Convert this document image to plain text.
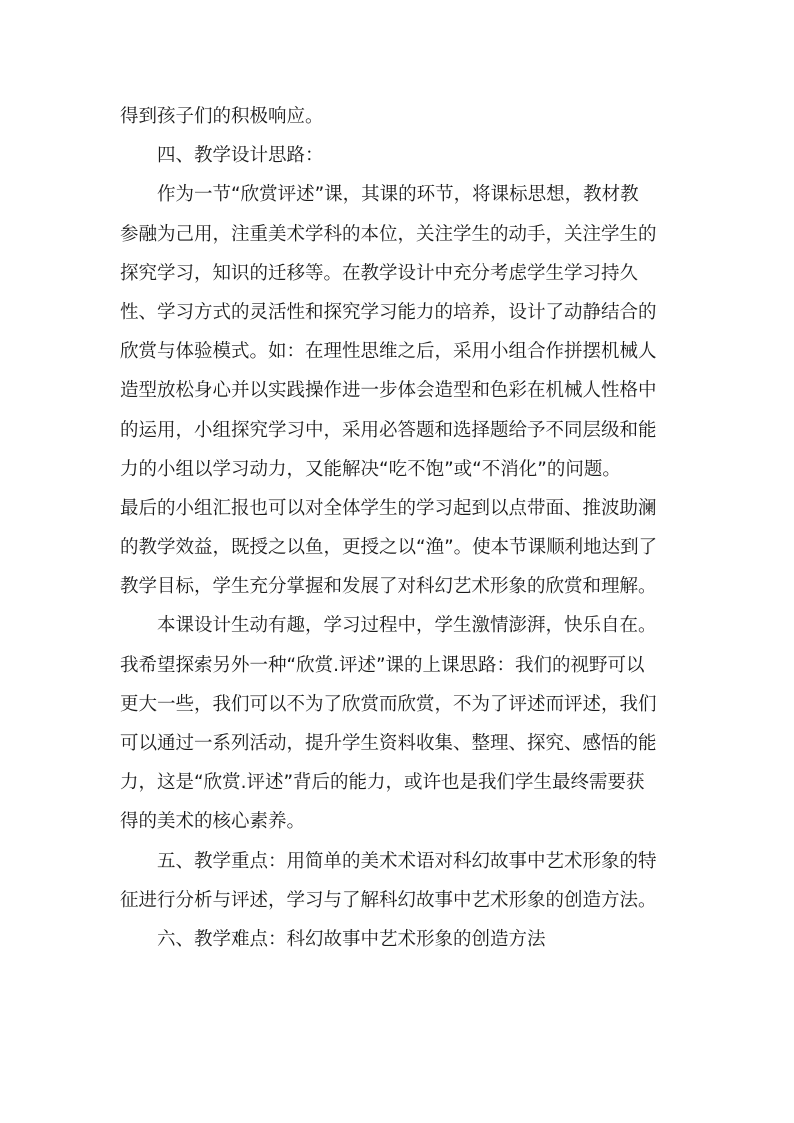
得到孩子们的积极响应。
四、教学设计思路：
作为一节“欣赏评述”课，其课的环节，将课标思想，教材教
参融为己用，注重美术学科的本位，关注学生的动手，关注学生的
探究学习，知识的迁移等。在教学设计中充分考虑学生学习持久
性、学习方式的灵活性和探究学习能力的培养，设计了动静结合的
欣赏与体验模式。如：在理性思维之后，采用小组合作拼摆机械人
造型放松身心并以实践操作进一步体会造型和色彩在机械人性格中
的运用，小组探究学习中，采用必答题和选择题给予不同层级和能
力的小组以学习动力，又能解决“吃不饱”或“不消化”的问题。
最后的小组汇报也可以对全体学生的学习起到以点带面、推波助澜
的教学效益，既授之以鱼，更授之以“渔”。使本节课顺利地达到了
教学目标，学生充分掌握和发展了对科幻艺术形象的欣赏和理解。
本课设计生动有趣，学习过程中，学生激情澎湃，快乐自在。
我希望探索另外一种“欣赏.评述”课的上课思路：我们的视野可以
更大一些，我们可以不为了欣赏而欣赏，不为了评述而评述，我们
可以通过一系列活动，提升学生资料收集、整理、探究、感悟的能
力，这是“欣赏.评述”背后的能力，或许也是我们学生最终需要获
得的美术的核心素养。
五、教学重点：用简单的美术术语对科幻故事中艺术形象的特
征进行分析与评述，学习与了解科幻故事中艺术形象的创造方法。
六、教学难点：科幻故事中艺术形象的创造方法
